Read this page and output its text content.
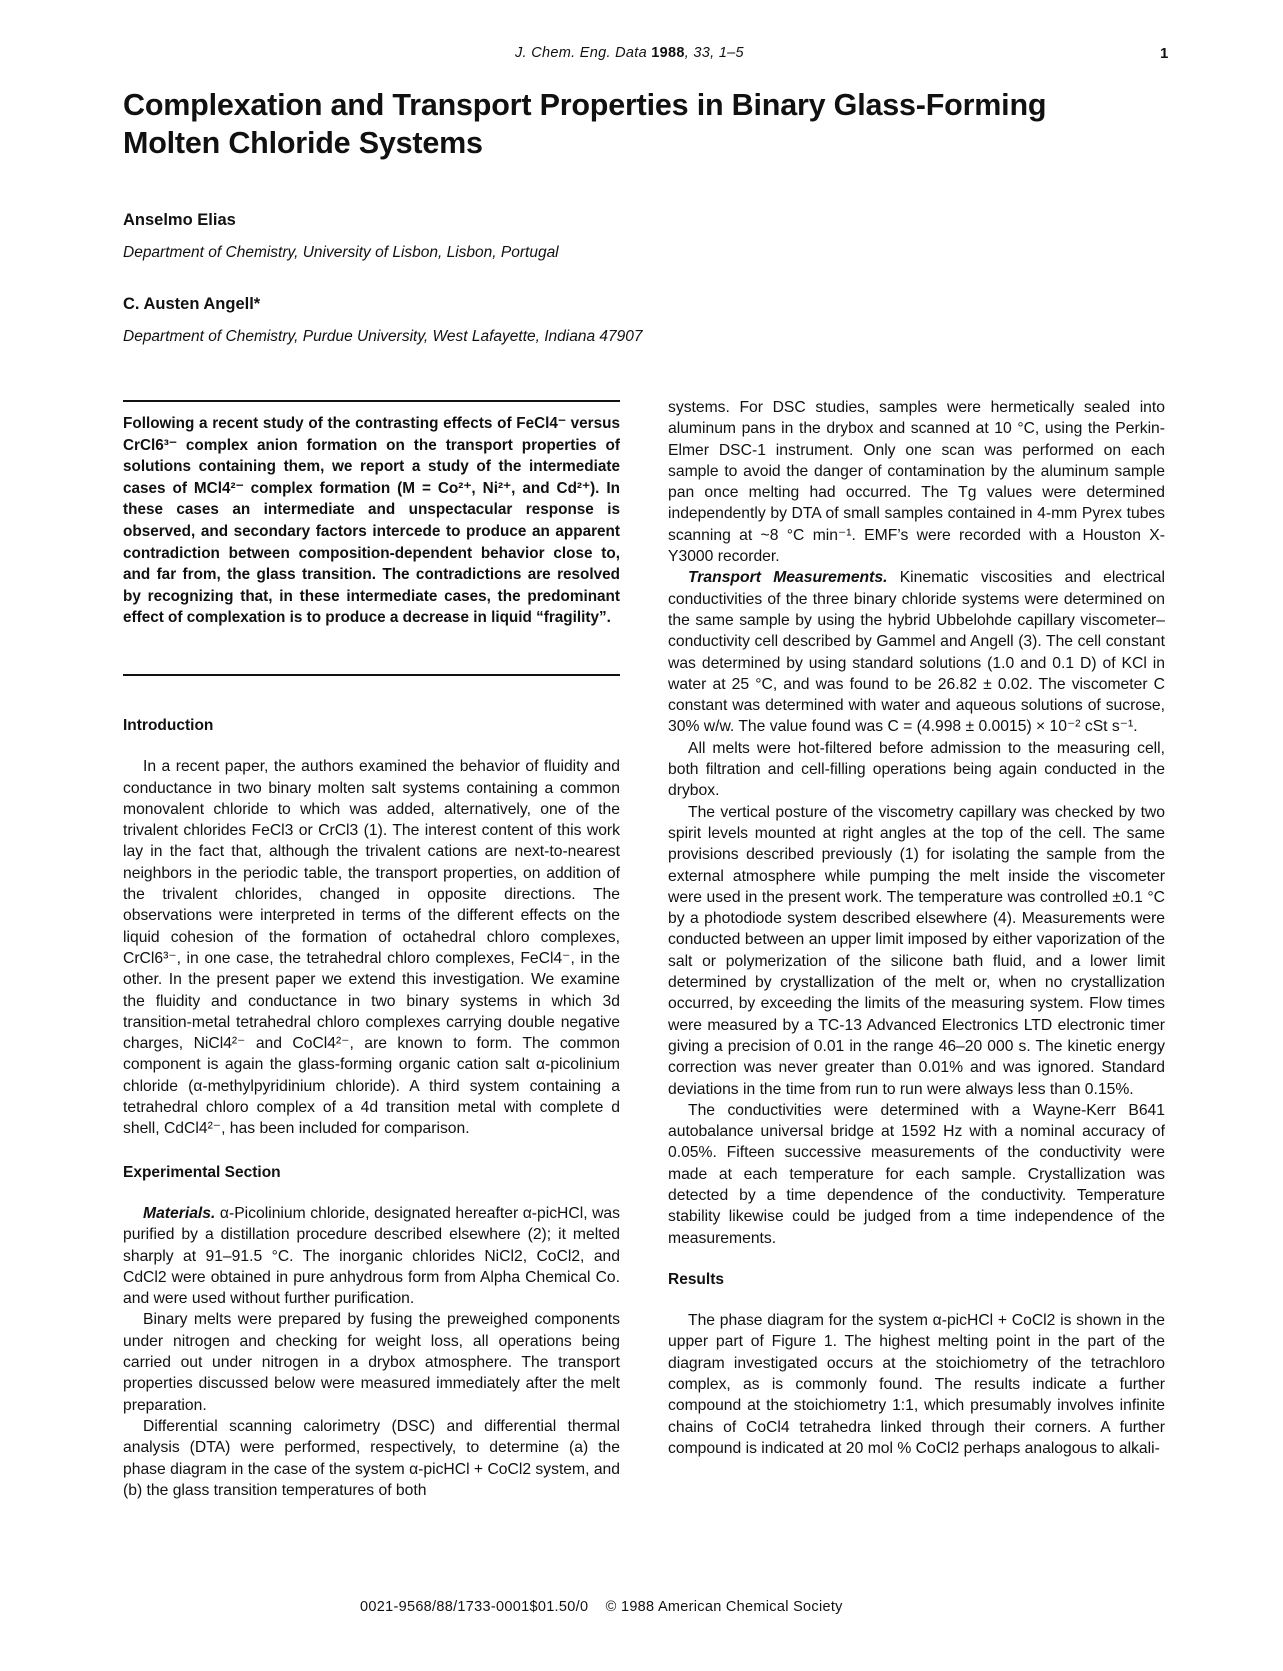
J. Chem. Eng. Data 1988, 33, 1–5	1
Complexation and Transport Properties in Binary Glass-Forming Molten Chloride Systems
Anselmo Elias
Department of Chemistry, University of Lisbon, Lisbon, Portugal
C. Austen Angell*
Department of Chemistry, Purdue University, West Lafayette, Indiana 47907

Following a recent study of the contrasting effects of FeCl4⁻ versus CrCl6³⁻ complex anion formation on the transport properties of solutions containing them, we report a study of the intermediate cases of MCl4²⁻ complex formation (M = Co²⁺, Ni²⁺, and Cd²⁺). In these cases an intermediate and unspectacular response is observed, and secondary factors intercede to produce an apparent contradiction between composition-dependent behavior close to, and far from, the glass transition. The contradictions are resolved by recognizing that, in these intermediate cases, the predominant effect of complexation is to produce a decrease in liquid “fragility”.

Introduction

In a recent paper, the authors examined the behavior of fluidity and conductance in two binary molten salt systems containing a common monovalent chloride to which was added, alternatively, one of the trivalent chlorides FeCl3 or CrCl3 (1). The interest content of this work lay in the fact that, although the trivalent cations are next-to-nearest neighbors in the periodic table, the transport properties, on addition of the trivalent chlorides, changed in opposite directions. The observations were interpreted in terms of the different effects on the liquid cohesion of the formation of octahedral chloro complexes, CrCl6³⁻, in one case, the tetrahedral chloro complexes, FeCl4⁻, in the other. In the present paper we extend this investigation. We examine the fluidity and conductance in two binary systems in which 3d transition-metal tetrahedral chloro complexes carrying double negative charges, NiCl4²⁻ and CoCl4²⁻, are known to form. The common component is again the glass-forming organic cation salt α-picolinium chloride (α-methylpyridinium chloride). A third system containing a tetrahedral chloro complex of a 4d transition metal with complete d shell, CdCl4²⁻, has been included for comparison.

Experimental Section

Materials. α-Picolinium chloride, designated hereafter α-picHCl, was purified by a distillation procedure described elsewhere (2); it melted sharply at 91–91.5 °C. The inorganic chlorides NiCl2, CoCl2, and CdCl2 were obtained in pure anhydrous form from Alpha Chemical Co. and were used without further purification.

Binary melts were prepared by fusing the preweighed components under nitrogen and checking for weight loss, all operations being carried out under nitrogen in a drybox atmosphere. The transport properties discussed below were measured immediately after the melt preparation.

Differential scanning calorimetry (DSC) and differential thermal analysis (DTA) were performed, respectively, to determine (a) the phase diagram in the case of the system α-picHCl + CoCl2 system, and (b) the glass transition temperatures of both

systems. For DSC studies, samples were hermetically sealed into aluminum pans in the drybox and scanned at 10 °C, using the Perkin-Elmer DSC-1 instrument. Only one scan was performed on each sample to avoid the danger of contamination by the aluminum sample pan once melting had occurred. The Tg values were determined independently by DTA of small samples contained in 4-mm Pyrex tubes scanning at ~8 °C min⁻¹. EMF’s were recorded with a Houston X-Y3000 recorder.

Transport Measurements. Kinematic viscosities and electrical conductivities of the three binary chloride systems were determined on the same sample by using the hybrid Ubbelohde capillary viscometer–conductivity cell described by Gammel and Angell (3). The cell constant was determined by using standard solutions (1.0 and 0.1 D) of KCl in water at 25 °C, and was found to be 26.82 ± 0.02. The viscometer C constant was determined with water and aqueous solutions of sucrose, 30% w/w. The value found was C = (4.998 ± 0.0015) × 10⁻² cSt s⁻¹.

All melts were hot-filtered before admission to the measuring cell, both filtration and cell-filling operations being again conducted in the drybox.

The vertical posture of the viscometry capillary was checked by two spirit levels mounted at right angles at the top of the cell. The same provisions described previously (1) for isolating the sample from the external atmosphere while pumping the melt inside the viscometer were used in the present work. The temperature was controlled ±0.1 °C by a photodiode system described elsewhere (4). Measurements were conducted between an upper limit imposed by either vaporization of the salt or polymerization of the silicone bath fluid, and a lower limit determined by crystallization of the melt or, when no crystallization occurred, by exceeding the limits of the measuring system. Flow times were measured by a TC-13 Advanced Electronics LTD electronic timer giving a precision of 0.01 in the range 46–20 000 s. The kinetic energy correction was never greater than 0.01% and was ignored. Standard deviations in the time from run to run were always less than 0.15%.

The conductivities were determined with a Wayne-Kerr B641 autobalance universal bridge at 1592 Hz with a nominal accuracy of 0.05%. Fifteen successive measurements of the conductivity were made at each temperature for each sample. Crystallization was detected by a time dependence of the conductivity. Temperature stability likewise could be judged from a time independence of the measurements.

Results

The phase diagram for the system α-picHCl + CoCl2 is shown in the upper part of Figure 1. The highest melting point in the part of the diagram investigated occurs at the stoichiometry of the tetrachloro complex, as is commonly found. The results indicate a further compound at the stoichiometry 1:1, which presumably involves infinite chains of CoCl4 tetrahedra linked through their corners. A further compound is indicated at 20 mol % CoCl2 perhaps analogous to alkali-

0021-9568/88/1733-0001$01.50/0 © 1988 American Chemical Society
